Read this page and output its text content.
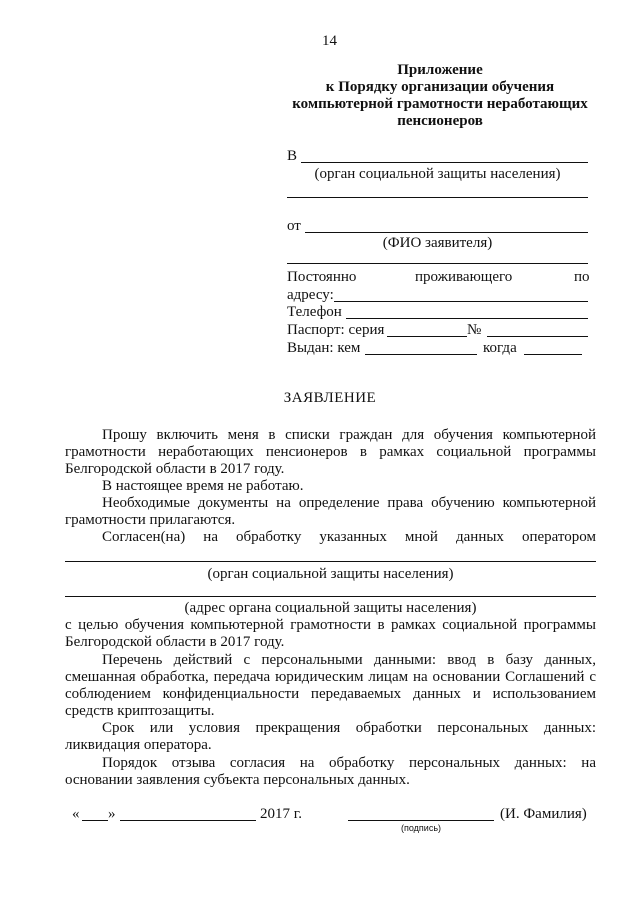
14
Приложение
к Порядку организации обучения
компьютерной грамотности неработающих
пенсионеров
В
(орган социальной защиты населения)
от
(ФИО заявителя)
Постоянно	проживающего	по
адресу:
Телефон
Паспорт: серия	№
Выдан: кем	когда
ЗАЯВЛЕНИЕ
Прошу включить меня в списки граждан для обучения компьютерной
грамотности неработающих пенсионеров в рамках социальной программы
Белгородской области в 2017 году.
В настоящее время не работаю.
Необходимые документы на определение права обучению компьютерной
грамотности прилагаются.
Согласен(на) на обработку указанных мной данных оператором
(орган социальной защиты населения)
(адрес органа социальной защиты населения)
с целью обучения компьютерной грамотности в рамках социальной программы
Белгородской области в 2017 году.
Перечень действий с персональными данными: ввод в базу данных,
смешанная обработка, передача юридическим лицам на основании Соглашений с
соблюдением конфиденциальности передаваемых данных и использованием
средств криптозащиты.
Срок или условия прекращения обработки персональных данных:
ликвидация оператора.
Порядок отзыва согласия на обработку персональных данных: на
основании заявления субъекта персональных данных.
« »	2017 г.	(И. Фамилия)
(подпись)
